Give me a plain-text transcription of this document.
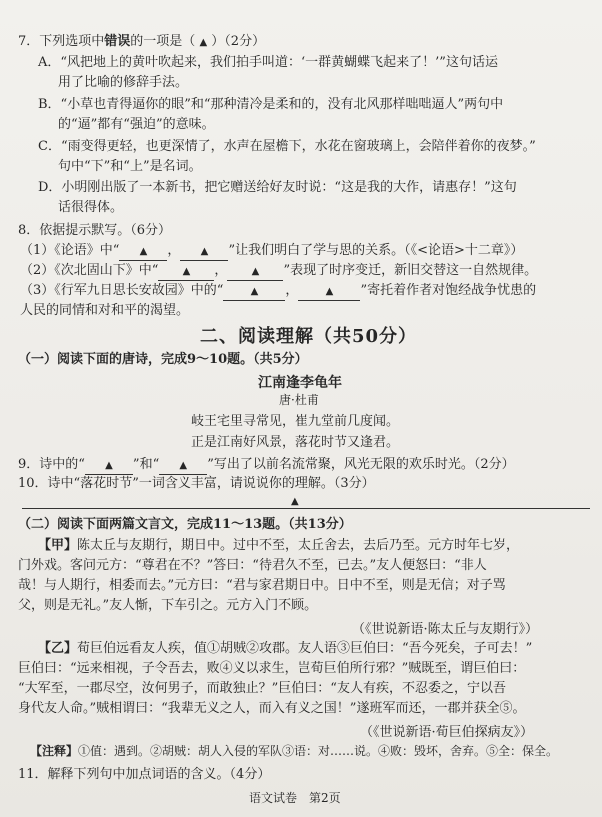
7．下列选项中错误的一项是（ ▲ ）（2分）
A．“风把地上的黄叶吹起来，我们拍手叫道：‘一群黄蝴蝶飞起来了！’”这句话运
用了比喻的修辞手法。
B．“小草也青得逼你的眼”和“那种清冷是柔和的，没有北风那样咄咄逼人”两句中
的“逼”都有“强迫”的意味。
C．“雨变得更轻，也更深情了，水声在屋檐下，水花在窗玻璃上，会陪伴着你的夜梦。”
句中“下”和“上”是名词。
D．小明刚出版了一本新书，把它赠送给好友时说：“这是我的大作，请惠存！”这句
话很得体。
8．依据提示默写。（6分）
（1）《论语》中“ ▲ ， ▲ ”让我们明白了学与思的关系。（《<论语>十二章》）
（2）《次北固山下》中“ ▲ ， ▲ ”表现了时序变迁，新旧交替这一自然规律。
（3）《行军九日思长安故园》中的“	▲ ，	▲ ”寄托着作者对饱经战争忧患的
人民的同情和对和平的渴望。
二、阅读理解（共50分）
（一）阅读下面的唐诗，完成9～10题。（共5分）
江南逢李龟年
唐·杜甫
岐王宅里寻常见，崔九堂前几度闻。
正是江南好风景，落花时节又逢君。
9．诗中的“ ▲ ”和“ ▲ ”写出了以前名流常聚，风光无限的欢乐时光。（2分）
10．诗中“落花时节”一词含义丰富，请说说你的理解。（3分）
▲
（二）阅读下面两篇文言文，完成11～13题。（共13分）
【甲】陈太丘与友期行，期日中。过中不至，太丘舍去，去后乃至。元方时年七岁，
门外戏。客问元方：“尊君在不？”答曰：“待君久不至，已去。”友人便怒曰：“非人
哉！与人期行，相委而去。”元方曰：“君与家君期日中。日中不至，则是无信；对子骂
父，则是无礼。”友人惭，下车引之。元方入门不顾。
（《世说新语·陈太丘与友期行》）
【乙】荀巨伯远看友人疾，值①胡贼②攻郡。友人语③巨伯曰：“吾今死矣，子可去！”
巨伯曰：“远来相视，子令吾去，败④义以求生，岂荀巨伯所行邪？”贼既至，谓巨伯曰：
“大军至，一郡尽空，汝何男子，而敢独止？”巨伯曰：“友人有疾，不忍委之，宁以吾
身代友人命。”贼相谓曰：“我辈无义之人，而入有义之国！”遂班军而还，一郡并获全⑤。
（《世说新语·荀巨伯探病友》）
【注释】①值：遇到。②胡贼：胡人入侵的军队③语：对……说。④败：毁坏，舍弃。⑤全：保全。
11．解释下列句中加点词语的含义。（4分）
语文试卷　第2页
